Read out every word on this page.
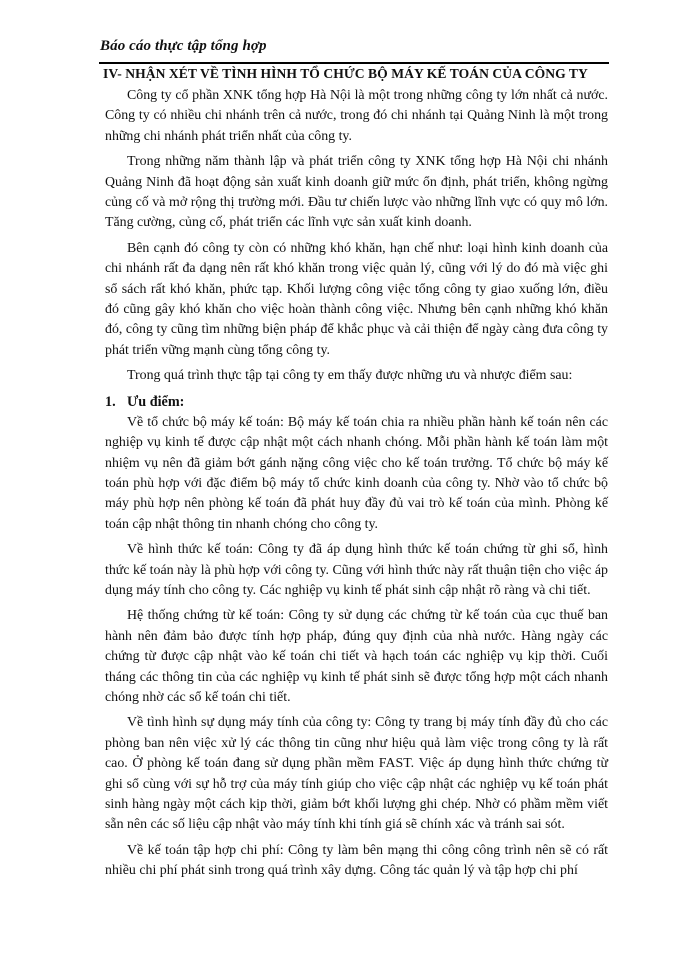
Báo cáo thực tập tổng hợp
IV- NHẬN XÉT VỀ TÌNH HÌNH TỔ CHỨC BỘ MÁY KẾ TOÁN CỦA CÔNG TY

Công ty cổ phần XNK tổng hợp Hà Nội là một trong những công ty lớn nhất cả nước. Công ty có nhiều chi nhánh trên cả nước, trong đó chi nhánh tại Quảng Ninh là một trong những chi nhánh phát triển nhất của công ty.

Trong những năm thành lập và phát triển công ty XNK tổng hợp Hà Nội chi nhánh Quảng Ninh đã hoạt động sản xuất kinh doanh giữ mức ổn định, phát triển, không ngừng củng cố và mở rộng thị trường mới. Đầu tư chiến lược vào những lĩnh vực có quy mô lớn. Tăng cường, củng cố, phát triển các lĩnh vực sản xuất kinh doanh.

Bên cạnh đó công ty còn có những khó khăn, hạn chế như: loại hình kinh doanh của chi nhánh rất đa dạng nên rất khó khăn trong việc quản lý, cũng với lý do đó mà việc ghi sổ sách rất khó khăn, phức tạp. Khối lượng công việc tổng công ty giao xuống lớn, điều đó cũng gây khó khăn cho việc hoàn thành công việc. Nhưng bên cạnh những khó khăn đó, công ty cũng tìm những biện pháp để khắc phục và cải thiện để ngày càng đưa công ty phát triển vững mạnh cùng tổng công ty.

Trong quá trình thực tập tại công ty em thấy được những ưu và nhược điểm sau:

1. Ưu điểm:

Về tổ chức bộ máy kế toán: Bộ máy kế toán chia ra nhiều phần hành kế toán nên các nghiệp vụ kinh tế được cập nhật một cách nhanh chóng. Mỗi phần hành kế toán làm một nhiệm vụ nên đã giảm bớt gánh nặng công việc cho kế toán trưởng. Tổ chức bộ máy kế toán phù hợp với đặc điểm bộ máy tổ chức kinh doanh của công ty. Nhờ vào tổ chức bộ máy phù hợp nên phòng kế toán đã phát huy đầy đủ vai trò kế toán của mình. Phòng kế toán cập nhật thông tin nhanh chóng cho công ty.

Về hình thức kế toán: Công ty đã áp dụng hình thức kế toán chứng từ ghi sổ, hình thức kế toán này là phù hợp với công ty. Cũng với hình thức này rất thuận tiện cho việc áp dụng máy tính cho công ty. Các nghiệp vụ kinh tế phát sinh cập nhật rõ ràng và chi tiết.

Hệ thống chứng từ kế toán: Công ty sử dụng các chứng từ kế toán của cục thuế ban hành nên đảm bảo được tính hợp pháp, đúng quy định của nhà nước. Hàng ngày các chứng từ được cập nhật vào kế toán chi tiết và hạch toán các nghiệp vụ kịp thời. Cuối tháng các thông tin của các nghiệp vụ kinh tế phát sinh sẽ được tổng hợp một cách nhanh chóng nhờ các sổ kế toán chi tiết.

Về tình hình sự dụng máy tính của công ty: Công ty trang bị máy tính đầy đủ cho các phòng ban nên việc xử lý các thông tin cũng như hiệu quả làm việc trong công ty là rất cao. Ở phòng kế toán đang sử dụng phần mềm FAST. Việc áp dụng hình thức chứng từ ghi sổ cùng với sự hỗ trợ của máy tính giúp cho việc cập nhật các nghiệp vụ kế toán phát sinh hàng ngày một cách kịp thời, giảm bớt khối lượng ghi chép. Nhờ có phầm mềm viết sẵn nên các số liệu cập nhật vào máy tính khi tính giá sẽ chính xác và tránh sai sót.

Về kế toán tập hợp chi phí: Công ty làm bên mạng thi công công trình nên sẽ có rất nhiều chi phí phát sinh trong quá trình xây dựng. Công tác quản lý và tập hợp chi phí
